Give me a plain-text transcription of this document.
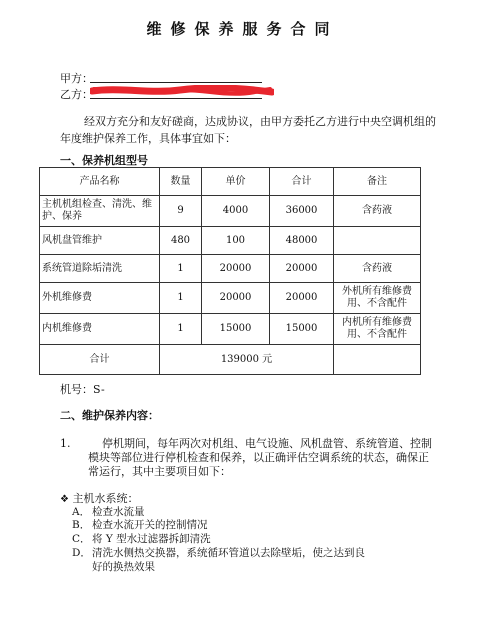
维修保养服务合同
甲方：
乙方：
经双方充分和友好磋商，达成协议，由甲方委托乙方进行中央空调机组的年度维护保养工作，具体事宜如下：
一、保养机组型号
产品名称	数量	单价	合计	备注
主机机组检查、清洗、维护、保养	9	4000	36000	含药液
风机盘管维护	480	100	48000	
系统管道除垢清洗	1	20000	20000	含药液
外机维修费	1	20000	20000	外机所有维修费用、不含配件
内机维修费	1	15000	15000	内机所有维修费用、不含配件
合计	139000 元			
机号：S-
二、维护保养内容：
1.	停机期间，每年两次对机组、电气设施、风机盘管、系统管道、控制模块等部位进行停机检查和保养，以正确评估空调系统的状态，确保正常运行，其中主要项目如下：
❖ 主机水系统：
A． 检查水流量
B． 检查水流开关的控制情况
C．将 Y 型水过滤器拆卸清洗
D．清洗水侧热交换器，系统循环管道以去除壁垢，使之达到良
好的换热效果
